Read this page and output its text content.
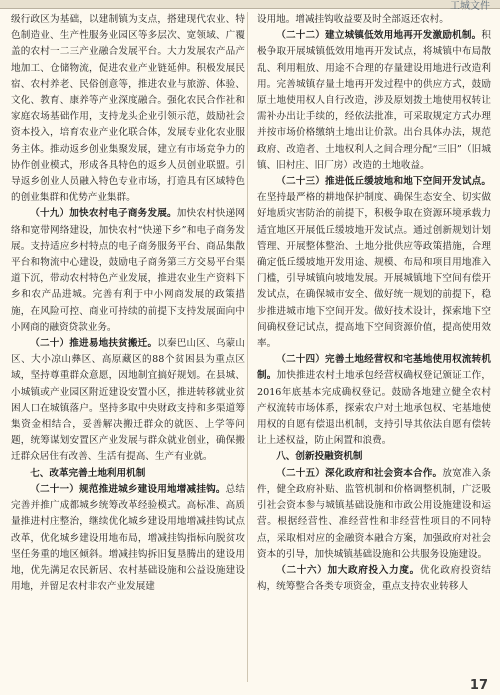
工城文件

级行政区为基础，以建制镇为支点，搭建现代农业、特色制造业、生产性服务业园区等多层次、宽领域、广覆盖的农村一二三产业融合发展平台。大力发展农产品产地加工、仓储物流，促进农业产业链延伸。积极发展民宿、农村养老、民俗创意等，推进农业与旅游、体验、文化、教育、康养等产业深度融合。强化农民合作社和家庭农场基础作用，支持龙头企业引领示范，鼓励社会资本投入，培育农业产业化联合体，发展专业化农业服务主体。推动返乡创业集聚发展，建立有市场竞争力的协作创业模式，形成各具特色的返乡人员创业联盟。引导返乡创业人员融入特色专业市场，打造具有区域特色的创业集群和优势产业集群。

（十九）加快农村电子商务发展。加快农村快递网络和宽带网络建设，加快农村“快递下乡”和电子商务发展。支持适应乡村特点的电子商务服务平台、商品集散平台和物流中心建设，鼓励电子商务第三方交易平台渠道下沉，带动农村特色产业发展，推进农业生产资料下乡和农产品进城。完善有利于中小网商发展的政策措施，在风险可控、商业可持续的前提下支持发展面向中小网商的融资贷款业务。

（二十）推进易地扶贫搬迁。以秦巴山区、乌蒙山区、大小凉山彝区、高原藏区的88个贫困县为重点区域，坚持尊重群众意愿，因地制宜搞好规划。在县城、小城镇或产业园区附近建设安置小区，推进转移就业贫困人口在城镇落户。坚持多取中央财政支持和多渠道筹集资金相结合，妥善解决搬迁群众的就医、上学等问题，统筹谋划安置区产业发展与群众就业创业，确保搬迁群众居住有改善、生活有提高、生产有业就。

七、改革完善土地利用机制

（二十一）规范推进城乡建设用地增减挂钩。总结完善并推广成都城乡统筹改革经验模式。高标准、高质量推进村庄整治，继续优化城乡建设用地增减挂钩试点改革，优化城乡建设用地布局，增减挂钩指标向脱贫攻坚任务重的地区倾斜。增减挂钩拆旧复垦腾出的建设用地，优先满足农民新居、农村基础设施和公益设施建设用地，并留足农村非农产业发展建

设用地。增减挂钩收益要及时全部返还农村。

（二十二）建立城镇低效用地再开发激励机制。积极争取开展城镇低效用地再开发试点，将城镇中布局散乱、利用粗放、用途不合理的存量建设用地进行改造利用。完善城镇存量土地再开发过程中的供应方式，鼓励原土地使用权人自行改造，涉及原划拨土地使用权转让需补办出让手续的，经依法批准，可采取规定方式办理并按市场价格缴纳土地出让价款。出台具体办法，规范政府、改造者、土地权利人之间合理分配“三旧”（旧城镇、旧村庄、旧厂房）改造的土地收益。

（二十三）推进低丘缓坡地和地下空间开发试点。在坚持最严格的耕地保护制度、确保生态安全、切实做好地质灾害防治的前提下，积极争取在资源环境承载力适宜地区开展低丘缓坡地开发试点。通过创新规划计划管理、开展整体整治、土地分批供应等政策措施，合理确定低丘缓坡地开发用途、规模、布局和项目用地准入门槛，引导城镇向坡地发展。开展城镇地下空间有偿开发试点，在确保城市安全、做好统一规划的前提下，稳步推进城市地下空间开发。做好技术设计，探索地下空间确权登记试点，提高地下空间资源价值，提高使用效率。

（二十四）完善土地经营权和宅基地使用权流转机制。加快推进农村土地承包经营权确权登记颁证工作，2016年底基本完成确权登记。鼓励各地建立健全农村产权流转市场体系，探索农户对土地承包权、宅基地使用权的自愿有偿退出机制，支持引导其依法自愿有偿转让上述权益，防止闲置和浪费。

八、创新投融资机制

（二十五）深化政府和社会资本合作。放宽准入条件，健全政府补贴、监管机制和价格调整机制，广泛吸引社会资本参与城镇基础设施和市政公用设施建设和运营。根据经营性、准经营性和非经营性项目的不同特点，采取相对应的金融资本融合方案，加强政府对社会资本的引导，加快城镇基础设施和公共服务设施建设。

（二十六）加大政府投入力度。优化政府投资结构，统筹整合各类专项资金，重点支持农业转移人

17
